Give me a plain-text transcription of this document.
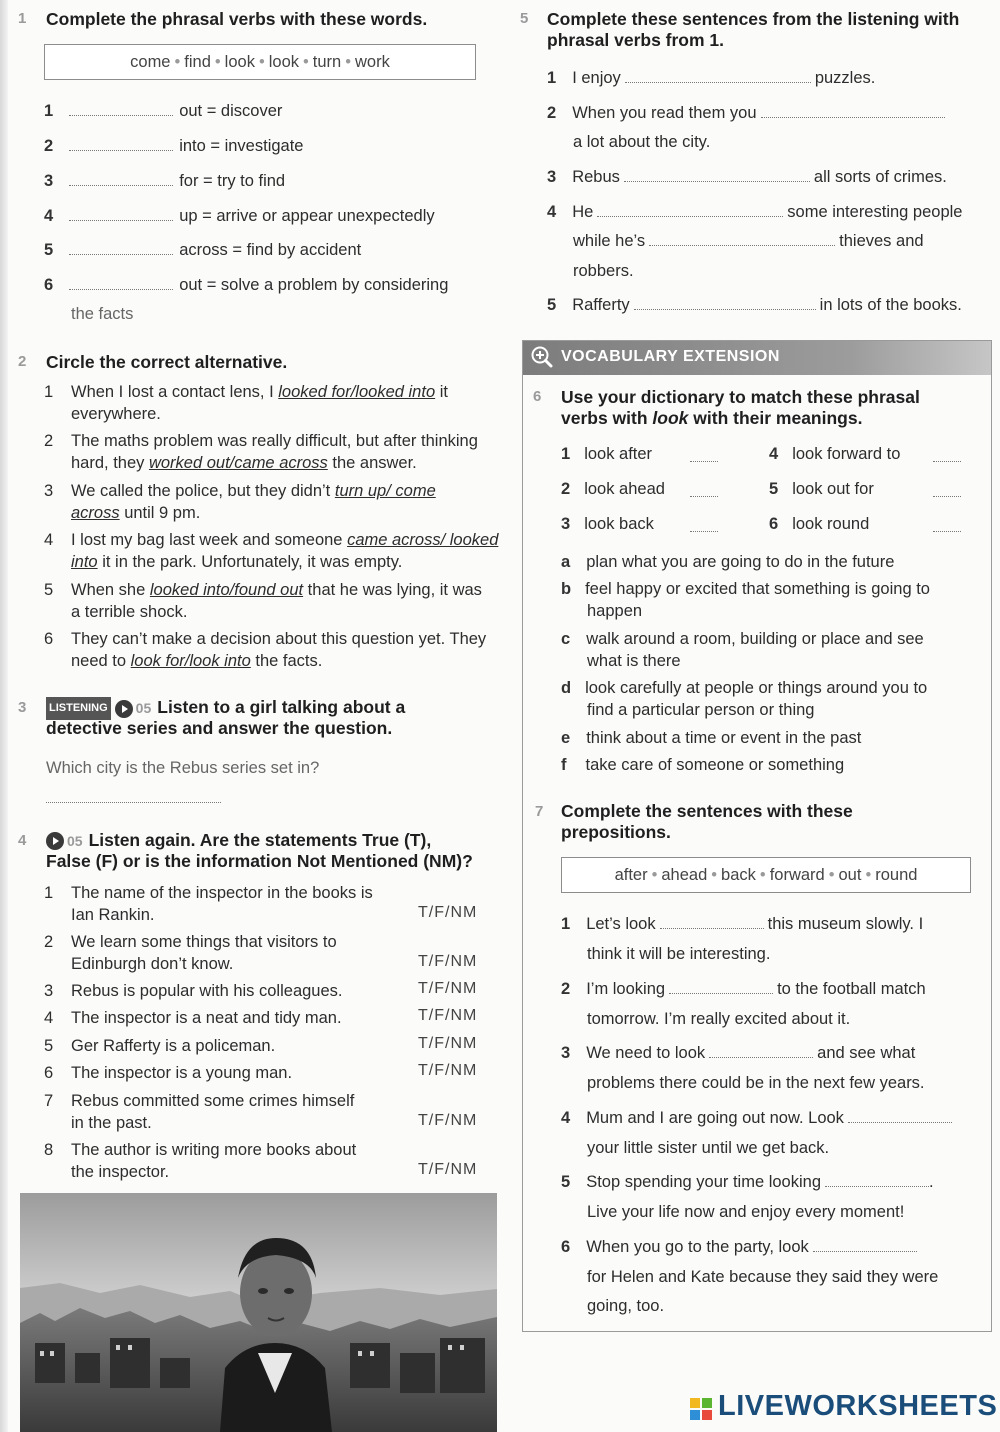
1 Complete the phrasal verbs with these words.
come • find • look • look • turn • work
1	out = discover
2	into = investigate
3	for = try to find
4	up = arrive or appear unexpectedly
5	across = find by accident
6	out = solve a problem by considering
the facts
2 Circle the correct alternative.
1 When I lost a contact lens, I looked for/looked into it everywhere.
2 The maths problem was really difficult, but after thinking hard, they worked out/came across the answer.
3 We called the police, but they didn’t turn up/ come across until 9 pm.
4 I lost my bag last week and someone came across/ looked into it in the park. Unfortunately, it was empty.
5 When she looked into/found out that he was lying, it was a terrible shock.
6 They can’t make a decision about this question yet. They need to look for/look into the facts.
3 LISTENING 05 Listen to a girl talking about a
detective series and answer the question.
Which city is the Rebus series set in?
4	05 Listen again. Are the statements True (T),
False (F) or is the information Not Mentioned (NM)?
1 The name of the inspector in the books is
Ian Rankin.	T/F/NM
2 We learn some things that visitors to
Edinburgh don’t know.	T/F/NM
3 Rebus is popular with his colleagues.	T/F/NM
4 The inspector is a neat and tidy man.	T/F/NM
5 Ger Rafferty is a policeman.	T/F/NM
6 The inspector is a young man.	T/F/NM
7 Rebus committed some crimes himself
in the past.	T/F/NM
8 The author is writing more books about
the inspector.	T/F/NM
5 Complete these sentences from the listening with
phrasal verbs from 1.
1 I enjoy	puzzles.
2 When you read them you
a lot about the city.
3 Rebus	all sorts of crimes.
4 He	some interesting people
while he’s	thieves and
robbers.
5 Rafferty	in lots of the books.
VOCABULARY EXTENSION
6 Use your dictionary to match these phrasal
verbs with look with their meanings.
1 look after
2 look ahead
3 look back
4 look forward to
5 look out for
6 look round
a plan what you are going to do in the future
b feel happy or excited that something is going to
happen
c walk around a room, building or place and see
what is there
d look carefully at people or things around you to
find a particular person or thing
e think about a time or event in the past
f take care of someone or something
7 Complete the sentences with these
prepositions.
after • ahead • back • forward • out • round
1 Let’s look	this museum slowly. I
think it will be interesting.
2 I’m looking	to the football match
tomorrow. I’m really excited about it.
3 We need to look	and see what
problems there could be in the next few years.
4 Mum and I are going out now. Look
your little sister until we get back.
5 Stop spending your time looking	.
Live your life now and enjoy every moment!
6 When you go to the party, look
for Helen and Kate because they said they were
going, too.
LIVEWORKSHEETS
